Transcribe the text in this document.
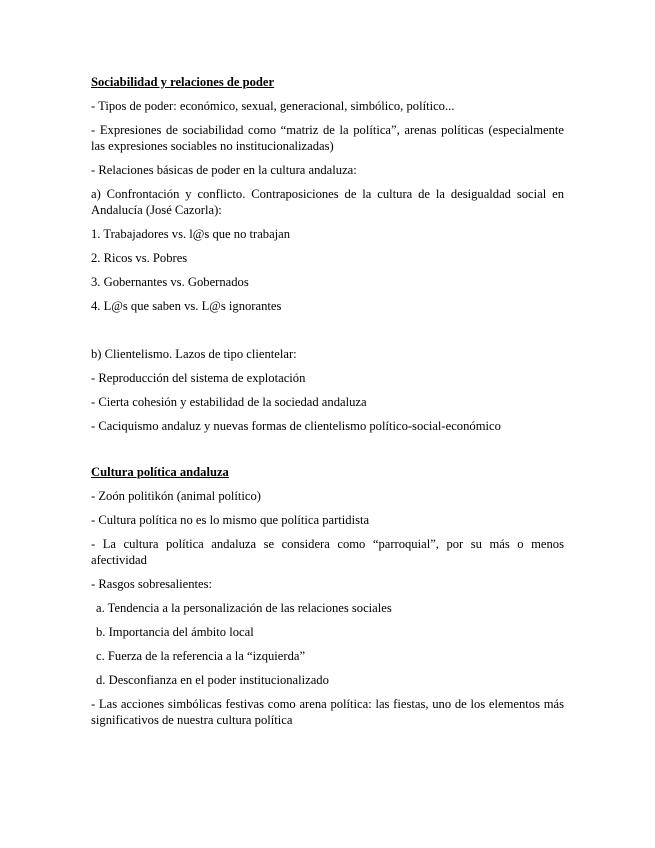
Sociabilidad y relaciones de poder
- Tipos de poder: económico, sexual, generacional, simbólico, político...
- Expresiones de sociabilidad como “matriz de la política”, arenas políticas (especialmente las expresiones sociables no institucionalizadas)
- Relaciones básicas de poder en la cultura andaluza:
a) Confrontación y conflicto. Contraposiciones de la cultura de la desigualdad social en Andalucía (José Cazorla):
1. Trabajadores vs. l@s que no trabajan
2. Ricos vs. Pobres
3. Gobernantes vs. Gobernados
4. L@s que saben vs. L@s ignorantes
b) Clientelismo. Lazos de tipo clientelar:
- Reproducción del sistema de explotación
- Cierta cohesión y estabilidad de la sociedad andaluza
- Caciquismo andaluz y nuevas formas de clientelismo político-social-económico
Cultura política andaluza
- Zoón politikón (animal político)
- Cultura política no es lo mismo que política partidista
- La cultura política andaluza se considera como “parroquial”, por su más o menos afectividad
- Rasgos sobresalientes:
a. Tendencia a la personalización de las relaciones sociales
b. Importancia del ámbito local
c. Fuerza de la referencia a la “izquierda”
d. Desconfianza en el poder institucionalizado
- Las acciones simbólicas festivas como arena política: las fiestas, uno de los elementos más significativos de nuestra cultura política
